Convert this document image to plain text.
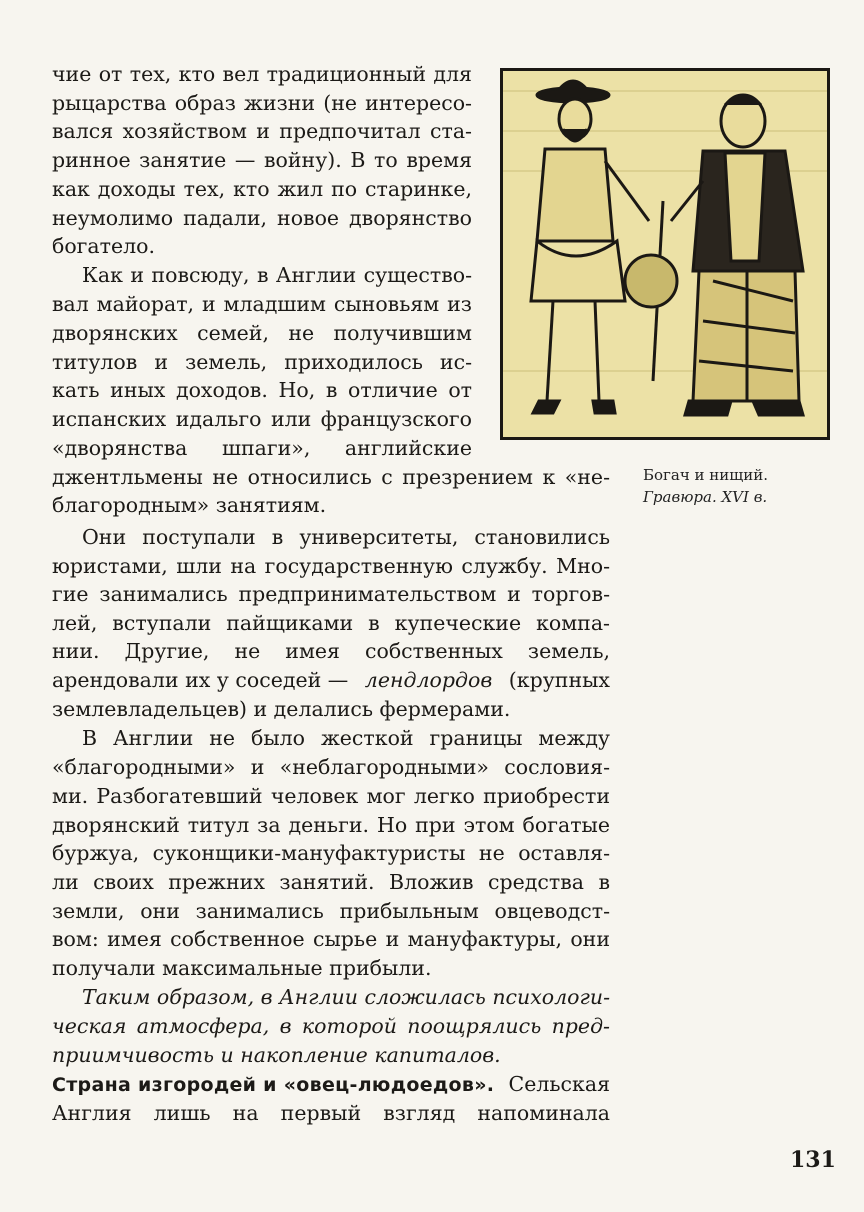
Богач и нищий.
Гравюра. XVI в.
чие от тех, кто вел традиционный для
рыцарства образ жизни (не интересо-
вался хозяйством и предпочитал ста-
ринное занятие — войну). В то время
как доходы тех, кто жил по старинке,
неумолимо падали, новое дворянство
богатело.
Как и повсюду, в Англии существо-
вал майорат, и младшим сыновьям из
дворянских семей, не получившим
титулов и земель, приходилось ис-
кать иных доходов. Но, в отличие от
испанских идальго или французского
«дворянства шпаги», английские
джентльмены не относились с презрением к «не-
благородным» занятиям.
Они поступали в университеты, становились
юристами, шли на государственную службу. Мно-
гие занимались предпринимательством и торгов-
лей, вступали пайщиками в купеческие компа-
нии. Другие, не имея собственных земель,
арендовали их у соседей — лендлордов (крупных
землевладельцев) и делались фермерами.
В Англии не было жесткой границы между
«благородными» и «неблагородными» сословия-
ми. Разбогатевший человек мог легко приобрести
дворянский титул за деньги. Но при этом богатые
буржуа, суконщики-мануфактуристы не оставля-
ли своих прежних занятий. Вложив средства в
земли, они занимались прибыльным овцеводст-
вом: имея собственное сырье и мануфактуры, они
получали максимальные прибыли.
Таким образом, в Англии сложилась психологи-
ческая атмосфера, в которой поощрялись пред-
приимчивость и накопление капиталов.
Страна изгородей и «овец-людоедов». Сельская
Англия лишь на первый взгляд напоминала
131
